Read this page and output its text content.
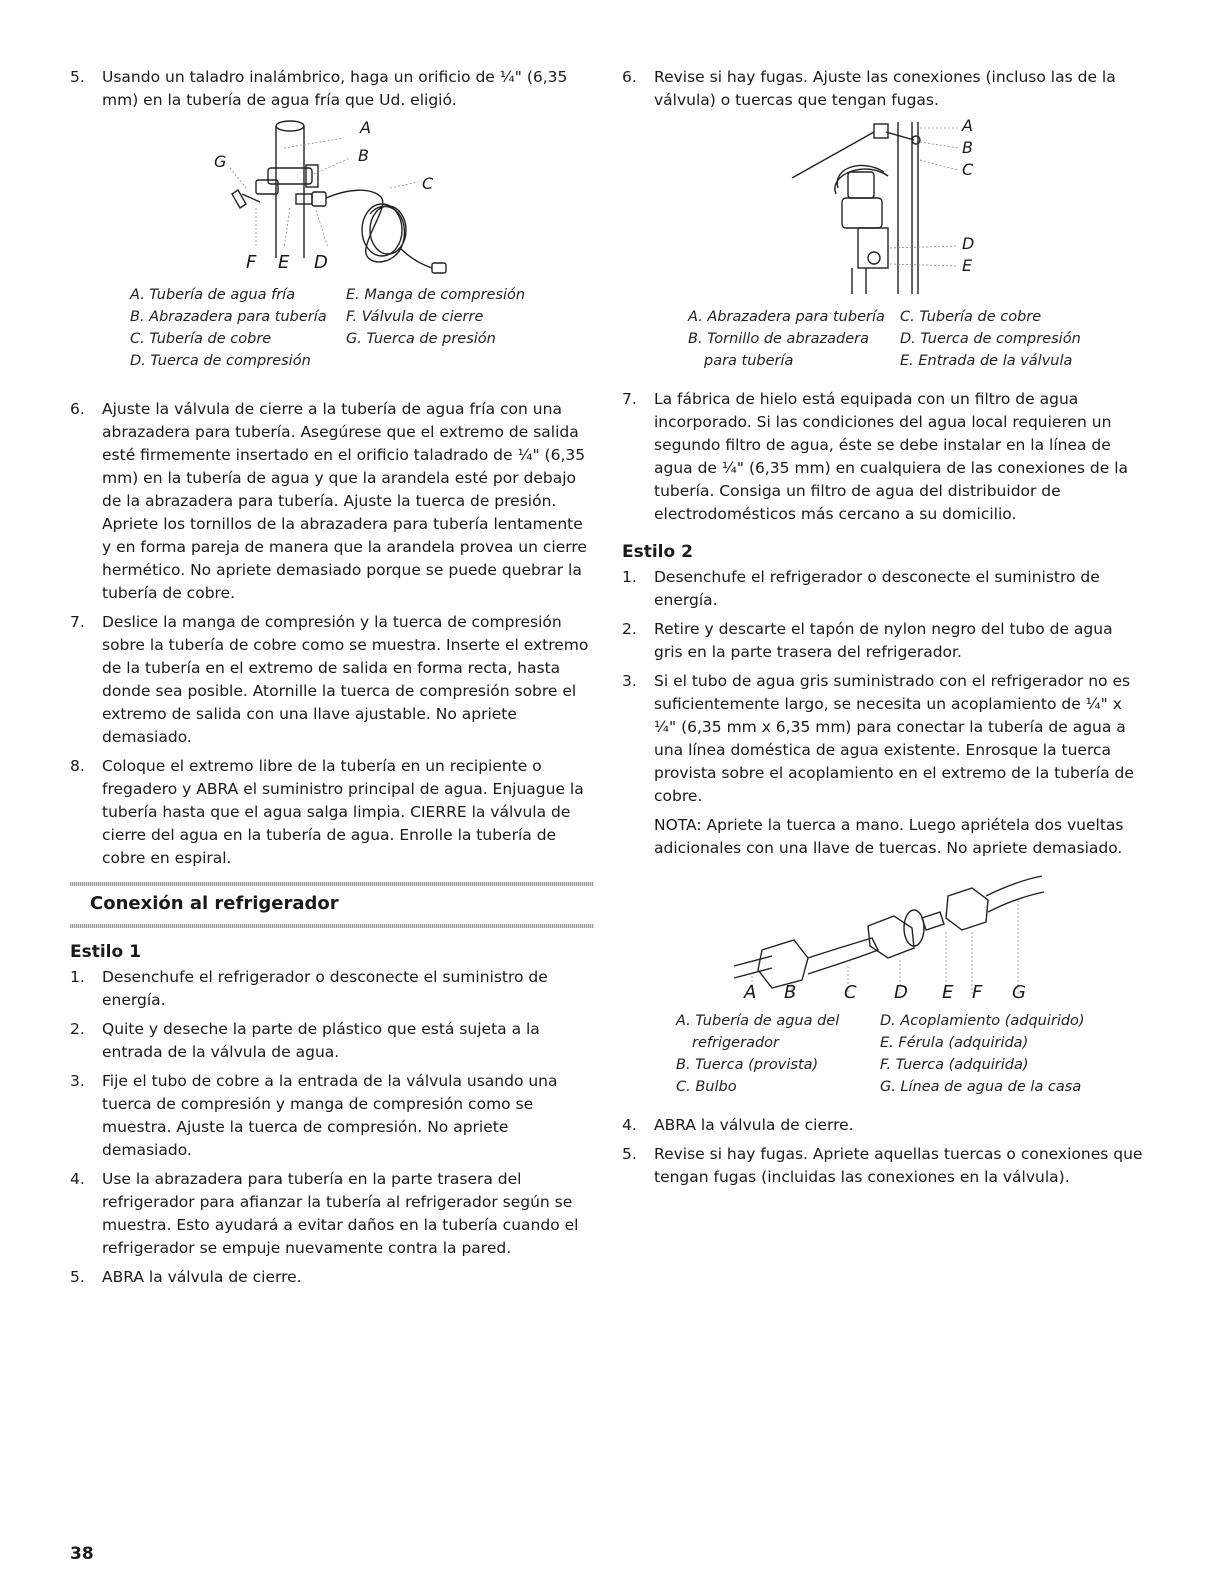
5. Usando un taladro inalámbrico, haga un orificio de ¼" (6,35 mm) en la tubería de agua fría que Ud. eligió.
A
B
C
G
F E D
A. Tubería de agua fría
B. Abrazadera para tubería
C. Tubería de cobre
D. Tuerca de compresión
E. Manga de compresión
F. Válvula de cierre
G. Tuerca de presión
6. Ajuste la válvula de cierre a la tubería de agua fría con una abrazadera para tubería. Asegúrese que el extremo de salida esté firmemente insertado en el orificio taladrado de ¼" (6,35 mm) en la tubería de agua y que la arandela esté por debajo de la abrazadera para tubería. Ajuste la tuerca de presión. Apriete los tornillos de la abrazadera para tubería lentamente y en forma pareja de manera que la arandela provea un cierre hermético. No apriete demasiado porque se puede quebrar la tubería de cobre.
7. Deslice la manga de compresión y la tuerca de compresión sobre la tubería de cobre como se muestra. Inserte el extremo de la tubería en el extremo de salida en forma recta, hasta donde sea posible. Atornille la tuerca de compresión sobre el extremo de salida con una llave ajustable. No apriete demasiado.
8. Coloque el extremo libre de la tubería en un recipiente o fregadero y ABRA el suministro principal de agua. Enjuague la tubería hasta que el agua salga limpia. CIERRE la válvula de cierre del agua en la tubería de agua. Enrolle la tubería de cobre en espiral.
Conexión al refrigerador
Estilo 1
1. Desenchufe el refrigerador o desconecte el suministro de energía.
2. Quite y deseche la parte de plástico que está sujeta a la entrada de la válvula de agua.
3. Fije el tubo de cobre a la entrada de la válvula usando una tuerca de compresión y manga de compresión como se muestra. Ajuste la tuerca de compresión. No apriete demasiado.
4. Use la abrazadera para tubería en la parte trasera del refrigerador para afianzar la tubería al refrigerador según se muestra. Esto ayudará a evitar daños en la tubería cuando el refrigerador se empuje nuevamente contra la pared.
5. ABRA la válvula de cierre.
6. Revise si hay fugas. Ajuste las conexiones (incluso las de la válvula) o tuercas que tengan fugas.
A
B
C
D
E
A. Abrazadera para tubería
B. Tornillo de abrazadera para tubería
C. Tubería de cobre
D. Tuerca de compresión
E. Entrada de la válvula
7. La fábrica de hielo está equipada con un filtro de agua incorporado. Si las condiciones del agua local requieren un segundo filtro de agua, éste se debe instalar en la línea de agua de ¼" (6,35 mm) en cualquiera de las conexiones de la tubería. Consiga un filtro de agua del distribuidor de electrodomésticos más cercano a su domicilio.
Estilo 2
1. Desenchufe el refrigerador o desconecte el suministro de energía.
2. Retire y descarte el tapón de nylon negro del tubo de agua gris en la parte trasera del refrigerador.
3. Si el tubo de agua gris suministrado con el refrigerador no es suficientemente largo, se necesita un acoplamiento de ¼" x ¼" (6,35 mm x 6,35 mm) para conectar la tubería de agua a una línea doméstica de agua existente. Enrosque la tuerca provista sobre el acoplamiento en el extremo de la tubería de cobre.
NOTA: Apriete la tuerca a mano. Luego apriétela dos vueltas adicionales con una llave de tuercas. No apriete demasiado.
A B	C D E F G
A. Tubería de agua del refrigerador
B. Tuerca (provista)
C. Bulbo
D. Acoplamiento (adquirido)
E. Férula (adquirida)
F. Tuerca (adquirida)
G. Línea de agua de la casa
4. ABRA la válvula de cierre.
5. Revise si hay fugas. Apriete aquellas tuercas o conexiones que tengan fugas (incluidas las conexiones en la válvula).
38
